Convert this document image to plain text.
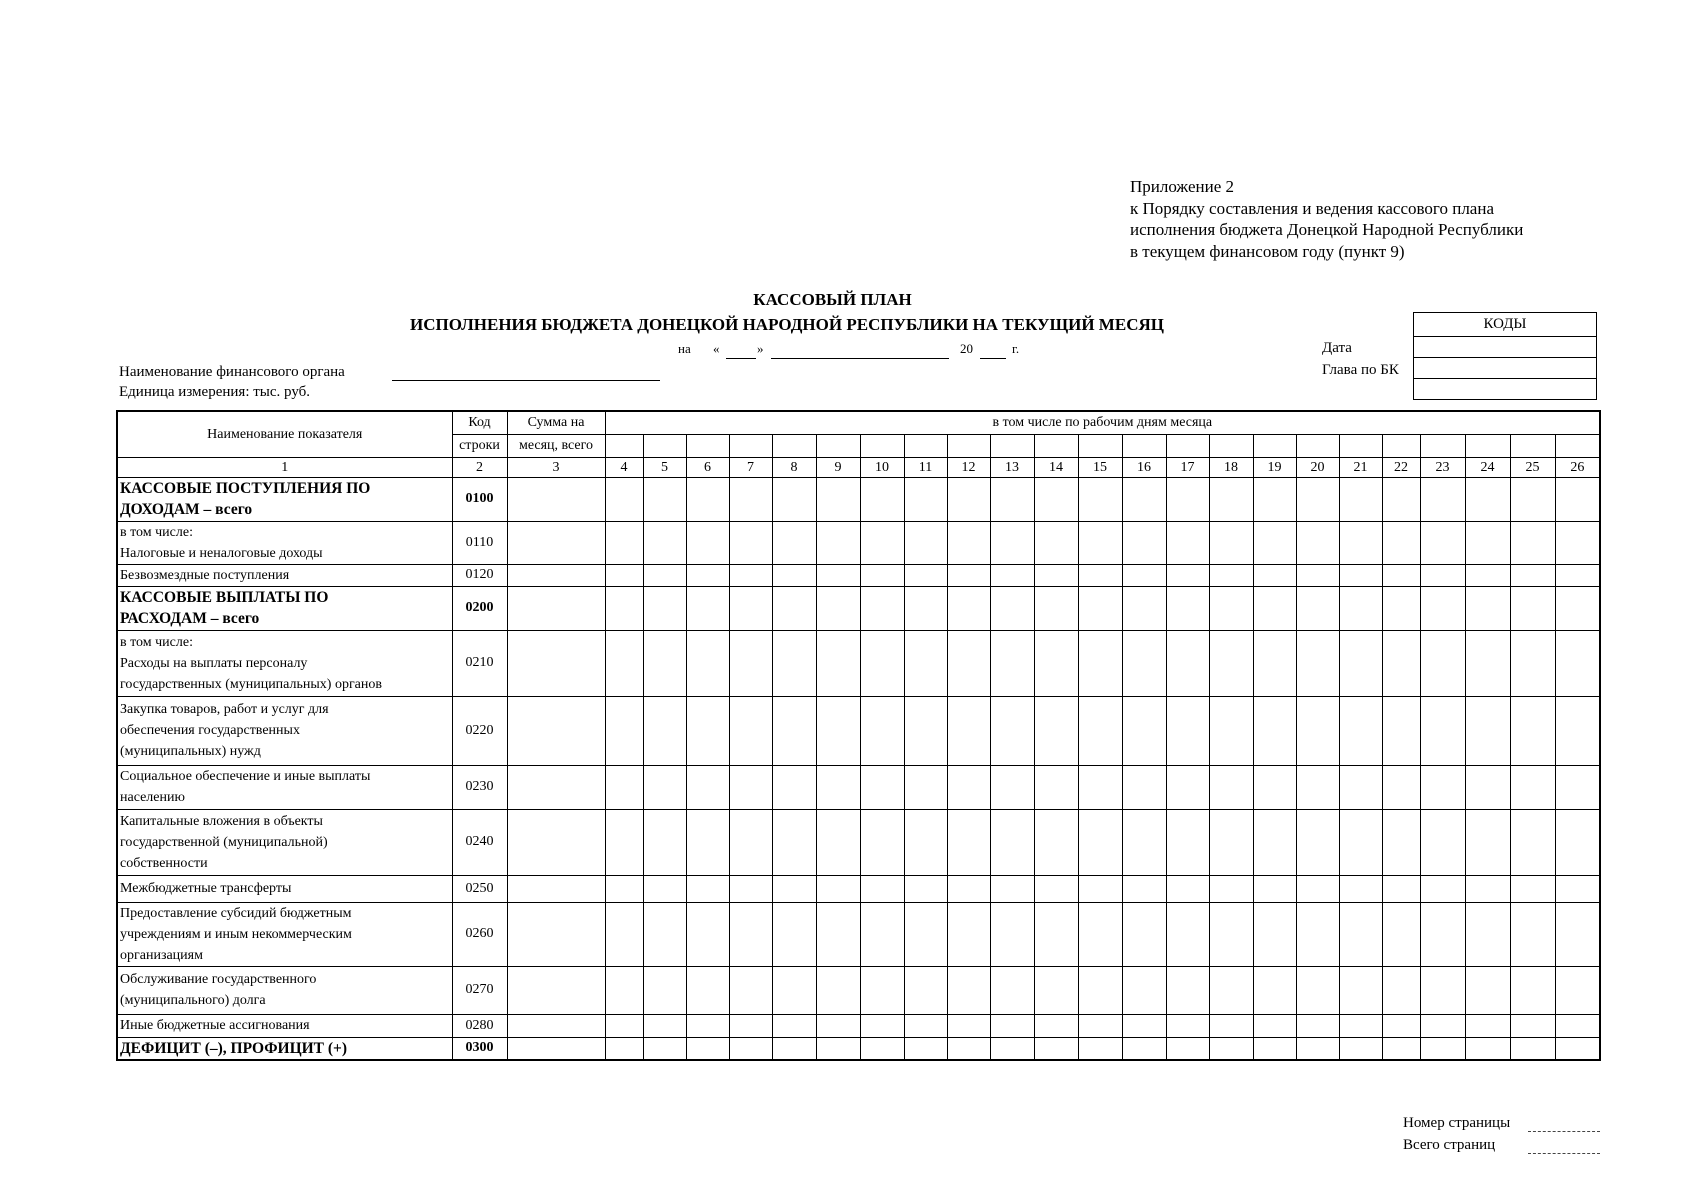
Приложение 2
к Порядку составления и ведения кассового плана
исполнения бюджета Донецкой Народной Республики
в текущем финансовом году (пункт 9)
КАССОВЫЙ ПЛАН
ИСПОЛНЕНИЯ БЮДЖЕТА ДОНЕЦКОЙ НАРОДНОЙ РЕСПУБЛИКИ НА ТЕКУЩИЙ МЕСЯЦ
на «	»	20	г.
Наименование финансового органа
Единица измерения: тыс. руб.
Дата
Глава по БК
КОДЫ

Наименование показателя	Код	Сумма на	в том числе по рабочим дням месяца																						
	строки	месяц, всего																							
1	2	3	4	5	6	7	8	9	10	11	12	13	14	15	16	17	18	19	20	21	22	23	24	25	26

КАССОВЫЕ ПОСТУПЛЕНИЯ ПО
ДОХОДАМ – всего	0100																								

в том числе:
Налоговые и неналоговые доходы	0110																								

Безвозмездные поступления	0120																								

КАССОВЫЕ ВЫПЛАТЫ ПО
РАСХОДАМ – всего	0200																								

в том числе:
Расходы на выплаты персоналу
государственных (муниципальных) органов	0210																								

Закупка товаров, работ и услуг для
обеспечения государственных
(муниципальных) нужд	0220																								

Социальное обеспечение и иные выплаты
населению	0230																								

Капитальные вложения в объекты
государственной (муниципальной)
собственности	0240																								

Межбюджетные трансферты	0250																								

Предоставление субсидий бюджетным
учреждениям и иным некоммерческим
организациям	0260																								

Обслуживание государственного
(муниципального) долга	0270																								

Иные бюджетные ассигнования	0280																								

ДЕФИЦИТ (–), ПРОФИЦИТ (+)	0300																								
Номер страницы
Всего страниц
